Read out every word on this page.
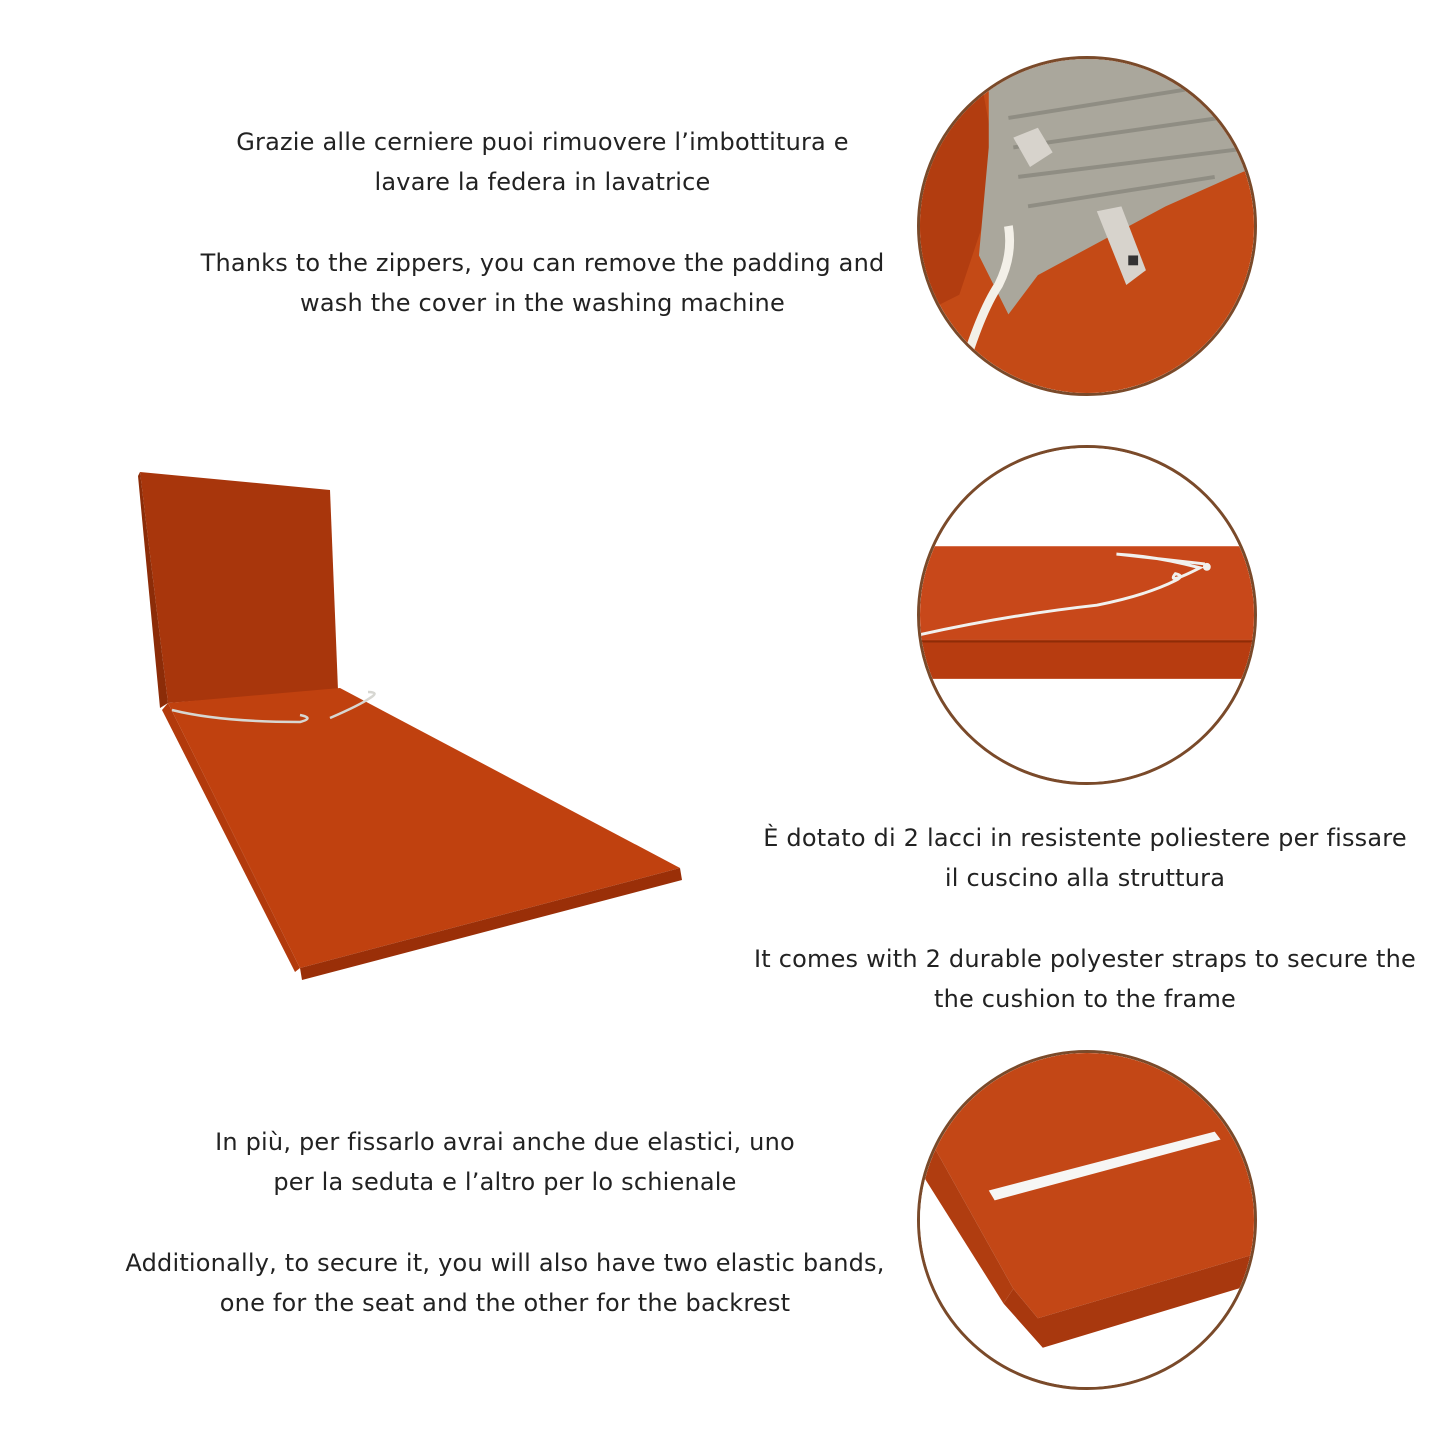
Grazie alle cerniere puoi rimuovere l’imbottitura e

lavare la federa in lavatrice

Thanks to the zippers, you can remove the padding and

wash the cover in the washing machine

È dotato di 2 lacci in resistente poliestere per fissare

il cuscino alla struttura

It comes with 2 durable polyester straps to secure the

the cushion to the frame

In più, per fissarlo avrai anche due elastici, uno

per la seduta e l’altro per lo schienale

Additionally, to secure it, you will also have two elastic bands,

one for the seat and the other for the backrest
